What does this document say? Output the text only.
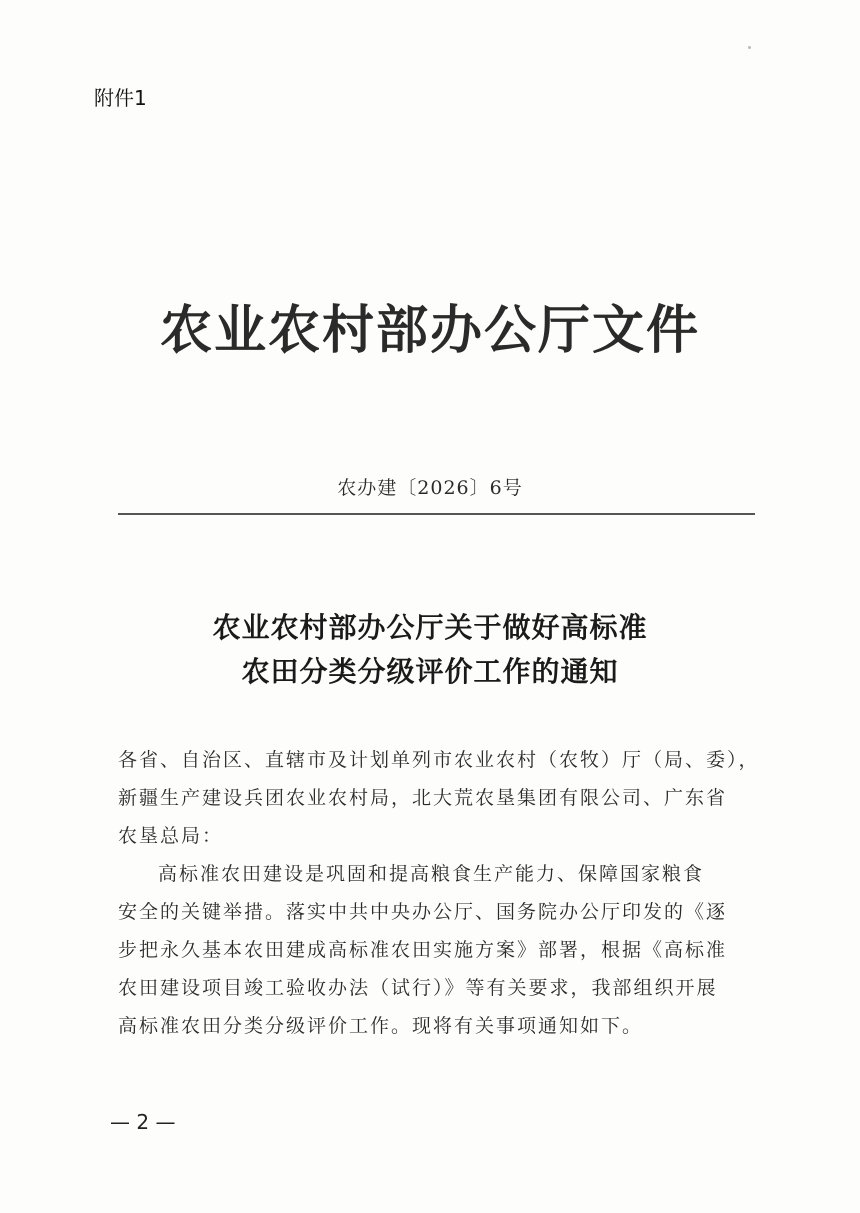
附件1
农业农村部办公厅文件
农办建〔2026〕6号
农业农村部办公厅关于做好高标准
农田分类分级评价工作的通知
各省、自治区、直辖市及计划单列市农业农村（农牧）厅（局、委），
新疆生产建设兵团农业农村局，北大荒农垦集团有限公司、广东省
农垦总局：
高标准农田建设是巩固和提高粮食生产能力、保障国家粮食
安全的关键举措。落实中共中央办公厅、国务院办公厅印发的《逐
步把永久基本农田建成高标准农田实施方案》部署，根据《高标准
农田建设项目竣工验收办法（试行）》等有关要求，我部组织开展
高标准农田分类分级评价工作。现将有关事项通知如下。
— 2 —
